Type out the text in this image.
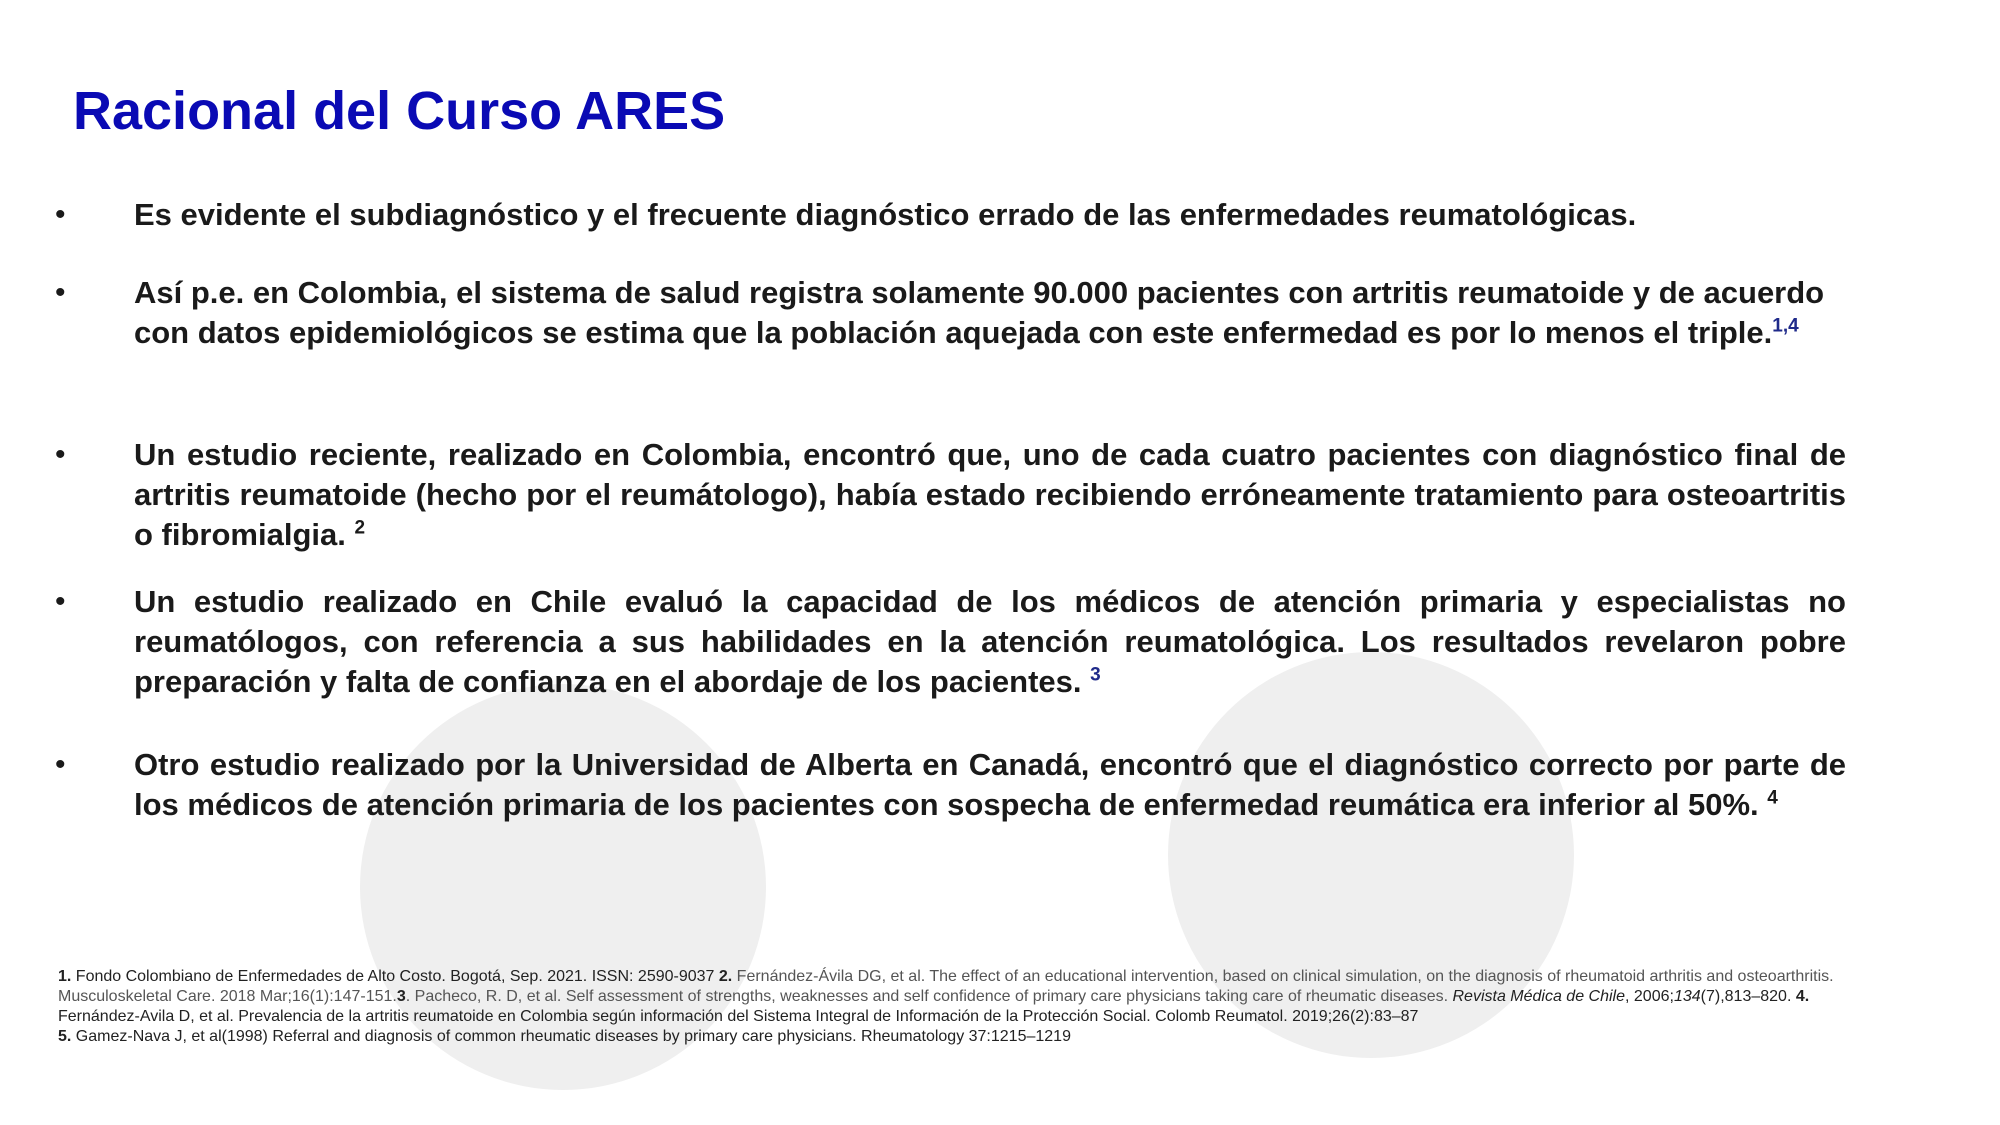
Racional del Curso ARES
• Es evidente el subdiagnóstico y el frecuente diagnóstico errado de las enfermedades reumatológicas.

• Así p.e. en Colombia, el sistema de salud registra solamente 90.000 pacientes con artritis reumatoide y de acuerdo con datos epidemiológicos se estima que la población aquejada con este enfermedad es por lo menos el triple.$^{1,4}$

• Un estudio reciente, realizado en Colombia, encontró que, uno de cada cuatro pacientes con diagnóstico final de artritis reumatoide (hecho por el reumátologo), había estado recibiendo erróneamente tratamiento para osteoartritis o fibromialgia. $^2$

• Un estudio realizado en Chile evaluó la capacidad de los médicos de atención primaria y especialistas no reumatólogos, con referencia a sus habilidades en la atención reumatológica. Los resultados revelaron pobre preparación y falta de confianza en el abordaje de los pacientes. $^3$

• Otro estudio realizado por la Universidad de Alberta en Canadá, encontró que el diagnóstico correcto por parte de los médicos de atención primaria de los pacientes con sospecha de enfermedad reumática era inferior al 50%. $^4$

1. Fondo Colombiano de Enfermedades de Alto Costo. Bogotá, Sep. 2021. ISSN: 2590-9037 2. Fernández-Ávila DG, et al. The effect of an educational intervention, based on clinical simulation, on the diagnosis of rheumatoid arthritis and osteoarthritis. Musculoskeletal Care. 2018 Mar;16(1):147-151.3. Pacheco, R. D, et al. Self assessment of strengths, weaknesses and self confidence of primary care physicians taking care of rheumatic diseases. Revista Médica de Chile, 2006;134(7),813–820. 4. Fernández-Avila D, et al. Prevalencia de la artritis reumatoide en Colombia según información del Sistema Integral de Información de la Protección Social. Colomb Reumatol. 2019;26(2):83–87
5. Gamez-Nava J, et al(1998) Referral and diagnosis of common rheumatic diseases by primary care physicians. Rheumatology 37:1215–1219
